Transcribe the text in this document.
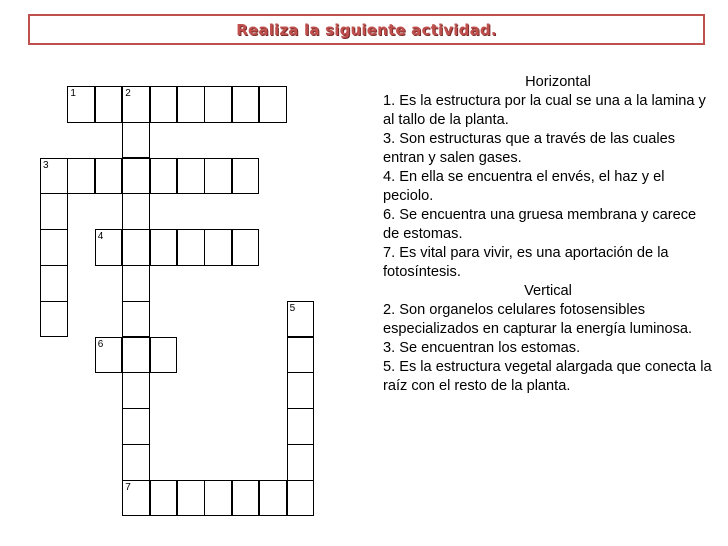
Realiza la siguiente actividad.
1	2
7
3
4
6
5
Horizontal

1. Es la estructura por la cual se una a la lamina y al tallo de la planta.

3. Son estructuras que a través de las cuales entran y salen gases.

4. En ella se encuentra el envés, el haz y el peciolo.

6. Se encuentra una gruesa membrana y carece de estomas.

7. Es vital para vivir, es una aportación de la fotosíntesis.

Vertical

2. Son organelos celulares fotosensibles especializados en capturar la energía luminosa.

3. Se encuentran los estomas.

5. Es la estructura vegetal alargada que conecta la raíz con el resto de la planta.
